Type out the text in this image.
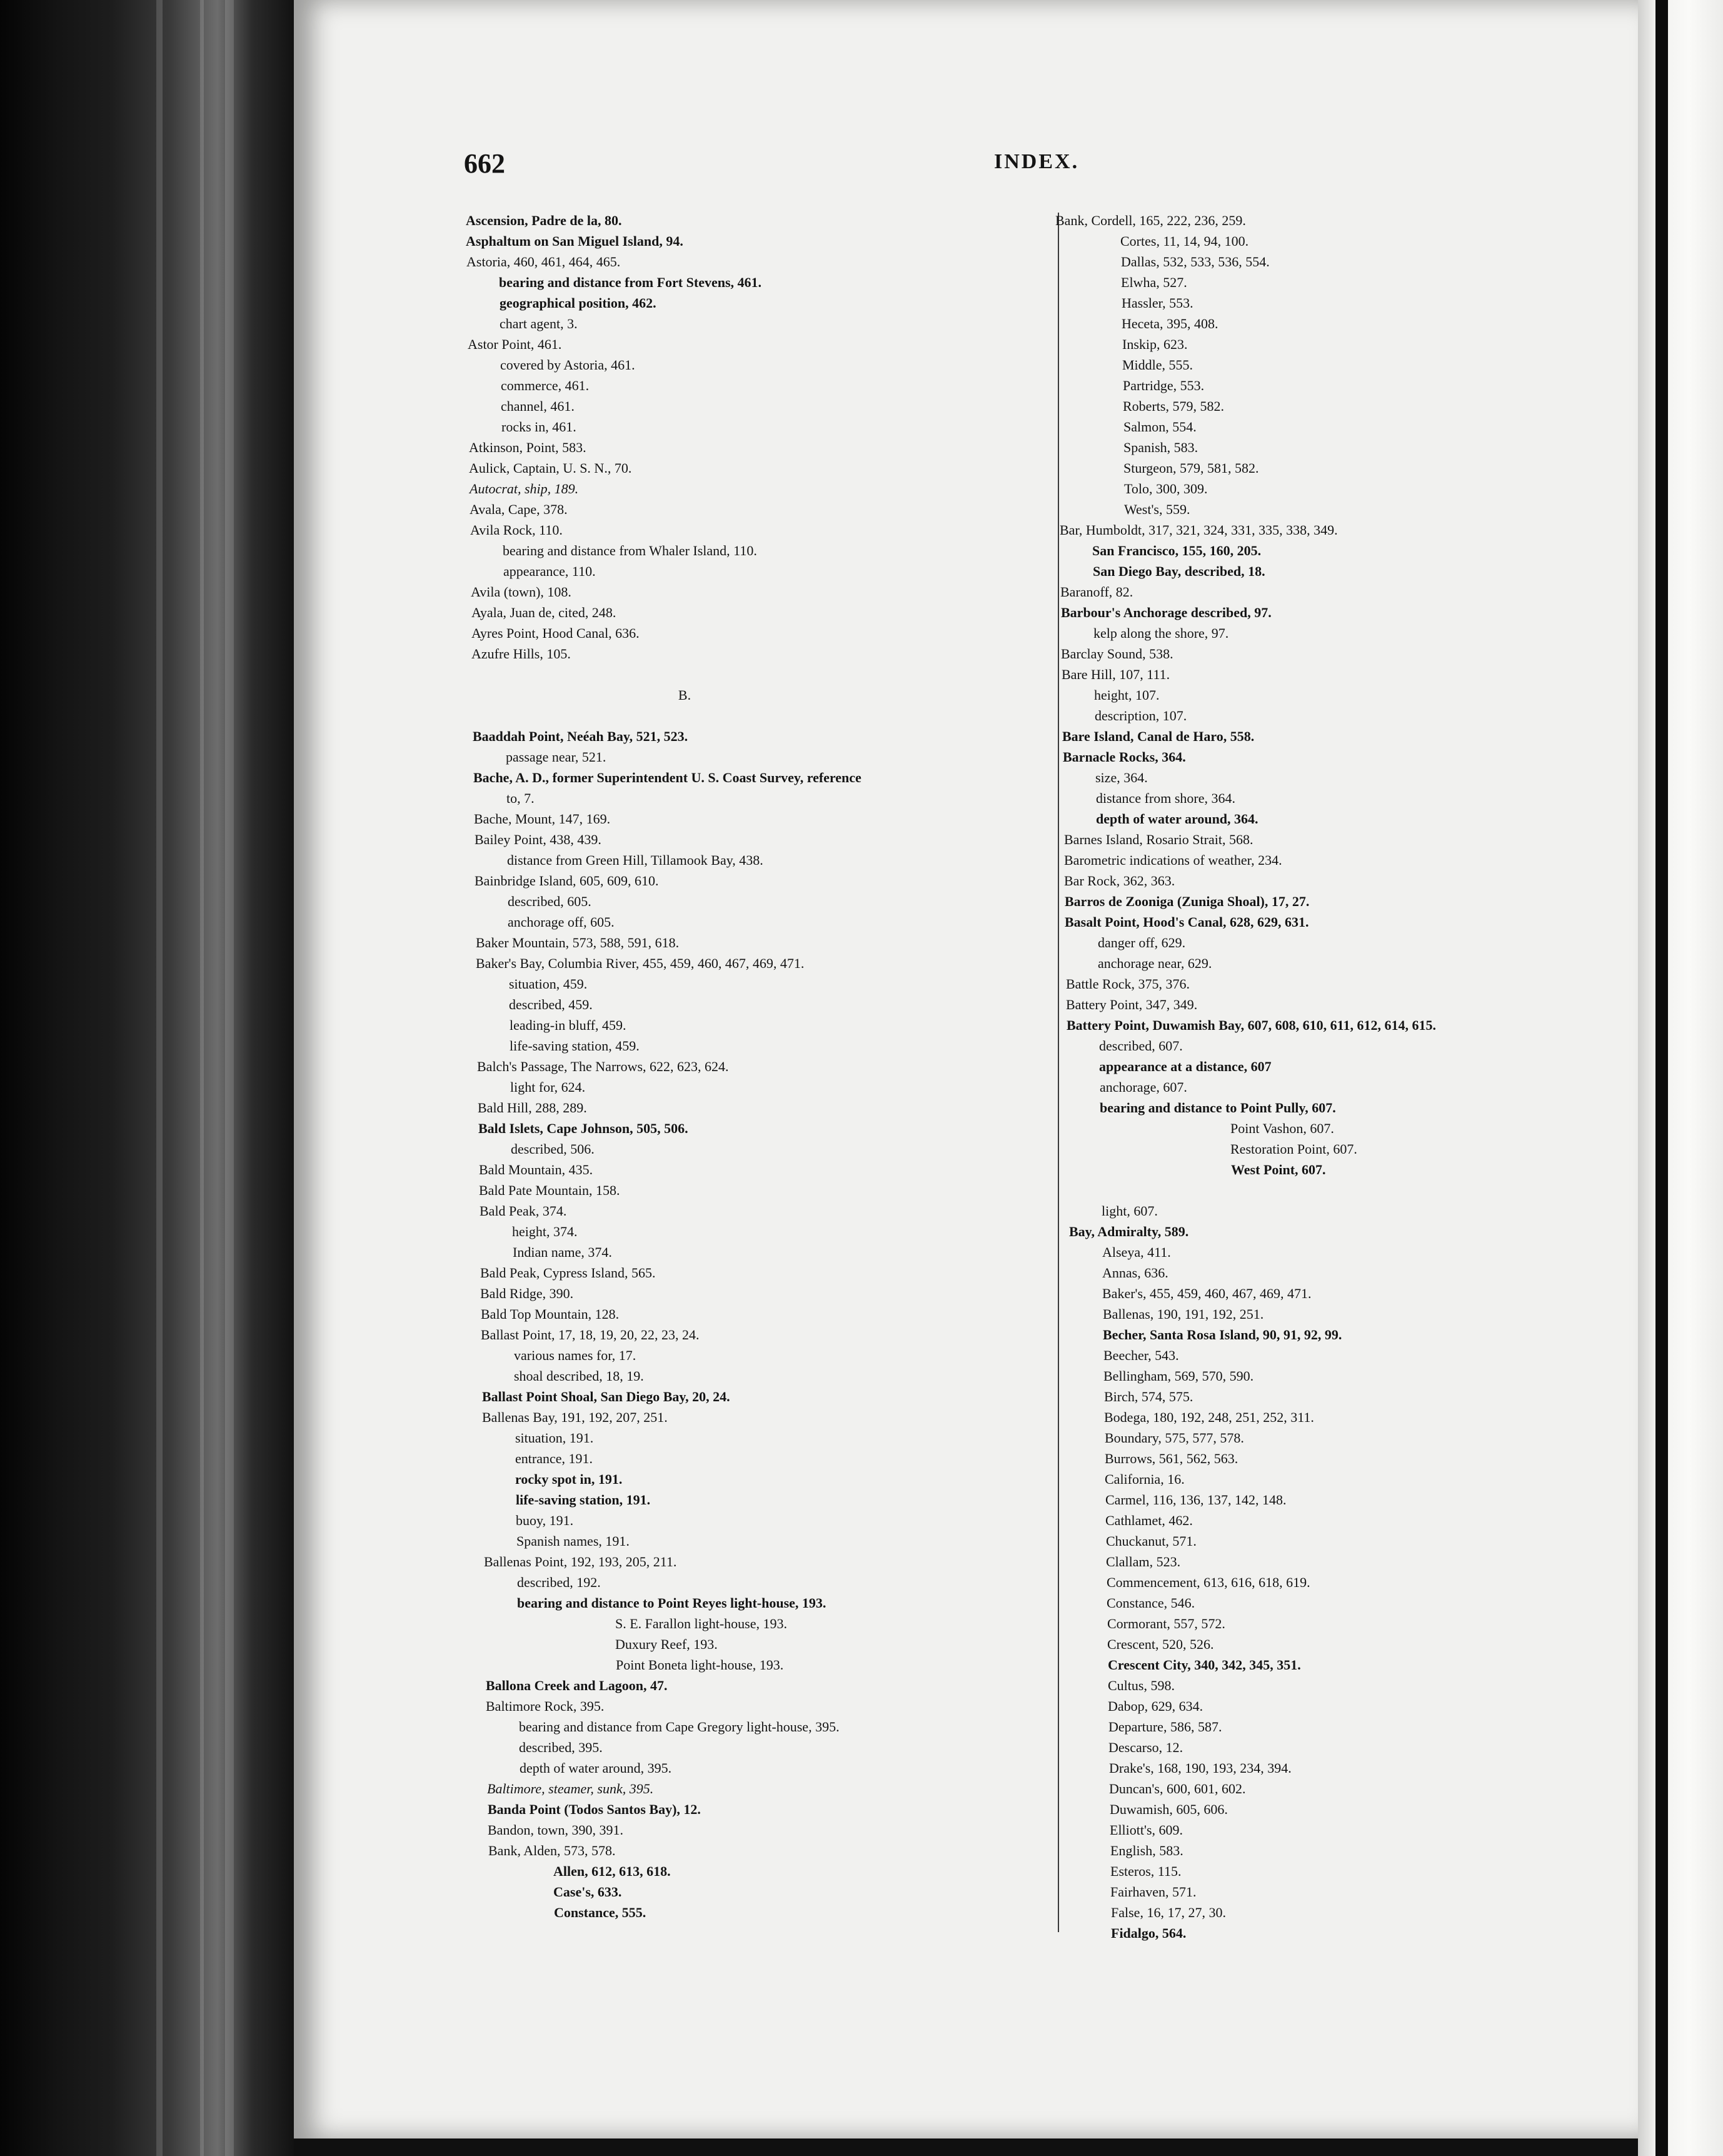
662	INDEX.
Ascension, Padre de la, 80.
Asphaltum on San Miguel Island, 94.
Astoria, 460, 461, 464, 465.
bearing and distance from Fort Stevens, 461.
geographical position, 462.
chart agent, 3.
Astor Point, 461.
covered by Astoria, 461.
commerce, 461.
channel, 461.
rocks in, 461.
Atkinson, Point, 583.
Aulick, Captain, U. S. N., 70.
Autocrat, ship, 189.
Avala, Cape, 378.
Avila Rock, 110.
bearing and distance from Whaler Island, 110.
appearance, 110.
Avila (town), 108.
Ayala, Juan de, cited, 248.
Ayres Point, Hood Canal, 636.
Azufre Hills, 105.
B.
Baaddah Point, Neéah Bay, 521, 523.
passage near, 521.
Bache, A. D., former Superintendent U. S. Coast Survey, reference
to, 7.
Bache, Mount, 147, 169.
Bailey Point, 438, 439.
distance from Green Hill, Tillamook Bay, 438.
Bainbridge Island, 605, 609, 610.
described, 605.
anchorage off, 605.
Baker Mountain, 573, 588, 591, 618.
Baker's Bay, Columbia River, 455, 459, 460, 467, 469, 471.
situation, 459.
described, 459.
leading-in bluff, 459.
life-saving station, 459.
Balch's Passage, The Narrows, 622, 623, 624.
light for, 624.
Bald Hill, 288, 289.
Bald Islets, Cape Johnson, 505, 506.
described, 506.
Bald Mountain, 435.
Bald Pate Mountain, 158.
Bald Peak, 374.
height, 374.
Indian name, 374.
Bald Peak, Cypress Island, 565.
Bald Ridge, 390.
Bald Top Mountain, 128.
Ballast Point, 17, 18, 19, 20, 22, 23, 24.
various names for, 17.
shoal described, 18, 19.
Ballast Point Shoal, San Diego Bay, 20, 24.
Ballenas Bay, 191, 192, 207, 251.
situation, 191.
entrance, 191.
rocky spot in, 191.
life-saving station, 191.
buoy, 191.
Spanish names, 191.
Ballenas Point, 192, 193, 205, 211.
described, 192.
bearing and distance to Point Reyes light-house, 193.
S. E. Farallon light-house, 193.
Duxury Reef, 193.
Point Boneta light-house, 193.
Ballona Creek and Lagoon, 47.
Baltimore Rock, 395.
bearing and distance from Cape Gregory light-house, 395.
described, 395.
depth of water around, 395.
Baltimore, steamer, sunk, 395.
Banda Point (Todos Santos Bay), 12.
Bandon, town, 390, 391.
Bank, Alden, 573, 578.
Allen, 612, 613, 618.
Case's, 633.
Constance, 555.
Bank, Cordell, 165, 222, 236, 259.
Cortes, 11, 14, 94, 100.
Dallas, 532, 533, 536, 554.
Elwha, 527.
Hassler, 553.
Heceta, 395, 408.
Inskip, 623.
Middle, 555.
Partridge, 553.
Roberts, 579, 582.
Salmon, 554.
Spanish, 583.
Sturgeon, 579, 581, 582.
Tolo, 300, 309.
West's, 559.
Bar, Humboldt, 317, 321, 324, 331, 335, 338, 349.
San Francisco, 155, 160, 205.
San Diego Bay, described, 18.
Baranoff, 82.
Barbour's Anchorage described, 97.
kelp along the shore, 97.
Barclay Sound, 538.
Bare Hill, 107, 111.
height, 107.
description, 107.
Bare Island, Canal de Haro, 558.
Barnacle Rocks, 364.
size, 364.
distance from shore, 364.
depth of water around, 364.
Barnes Island, Rosario Strait, 568.
Barometric indications of weather, 234.
Bar Rock, 362, 363.
Barros de Zooniga (Zuniga Shoal), 17, 27.
Basalt Point, Hood's Canal, 628, 629, 631.
danger off, 629.
anchorage near, 629.
Battle Rock, 375, 376.
Battery Point, 347, 349.
Battery Point, Duwamish Bay, 607, 608, 610, 611, 612, 614, 615.
described, 607.
appearance at a distance, 607
anchorage, 607.
bearing and distance to Point Pully, 607.
Point Vashon, 607.
Restoration Point, 607.
West Point, 607.
light, 607.
Bay, Admiralty, 589.
Alseya, 411.
Annas, 636.
Baker's, 455, 459, 460, 467, 469, 471.
Ballenas, 190, 191, 192, 251.
Becher, Santa Rosa Island, 90, 91, 92, 99.
Beecher, 543.
Bellingham, 569, 570, 590.
Birch, 574, 575.
Bodega, 180, 192, 248, 251, 252, 311.
Boundary, 575, 577, 578.
Burrows, 561, 562, 563.
California, 16.
Carmel, 116, 136, 137, 142, 148.
Cathlamet, 462.
Chuckanut, 571.
Clallam, 523.
Commencement, 613, 616, 618, 619.
Constance, 546.
Cormorant, 557, 572.
Crescent, 520, 526.
Crescent City, 340, 342, 345, 351.
Cultus, 598.
Dabop, 629, 634.
Departure, 586, 587.
Descarso, 12.
Drake's, 168, 190, 193, 234, 394.
Duncan's, 600, 601, 602.
Duwamish, 605, 606.
Elliott's, 609.
English, 583.
Esteros, 115.
Fairhaven, 571.
False, 16, 17, 27, 30.
Fidalgo, 564.
